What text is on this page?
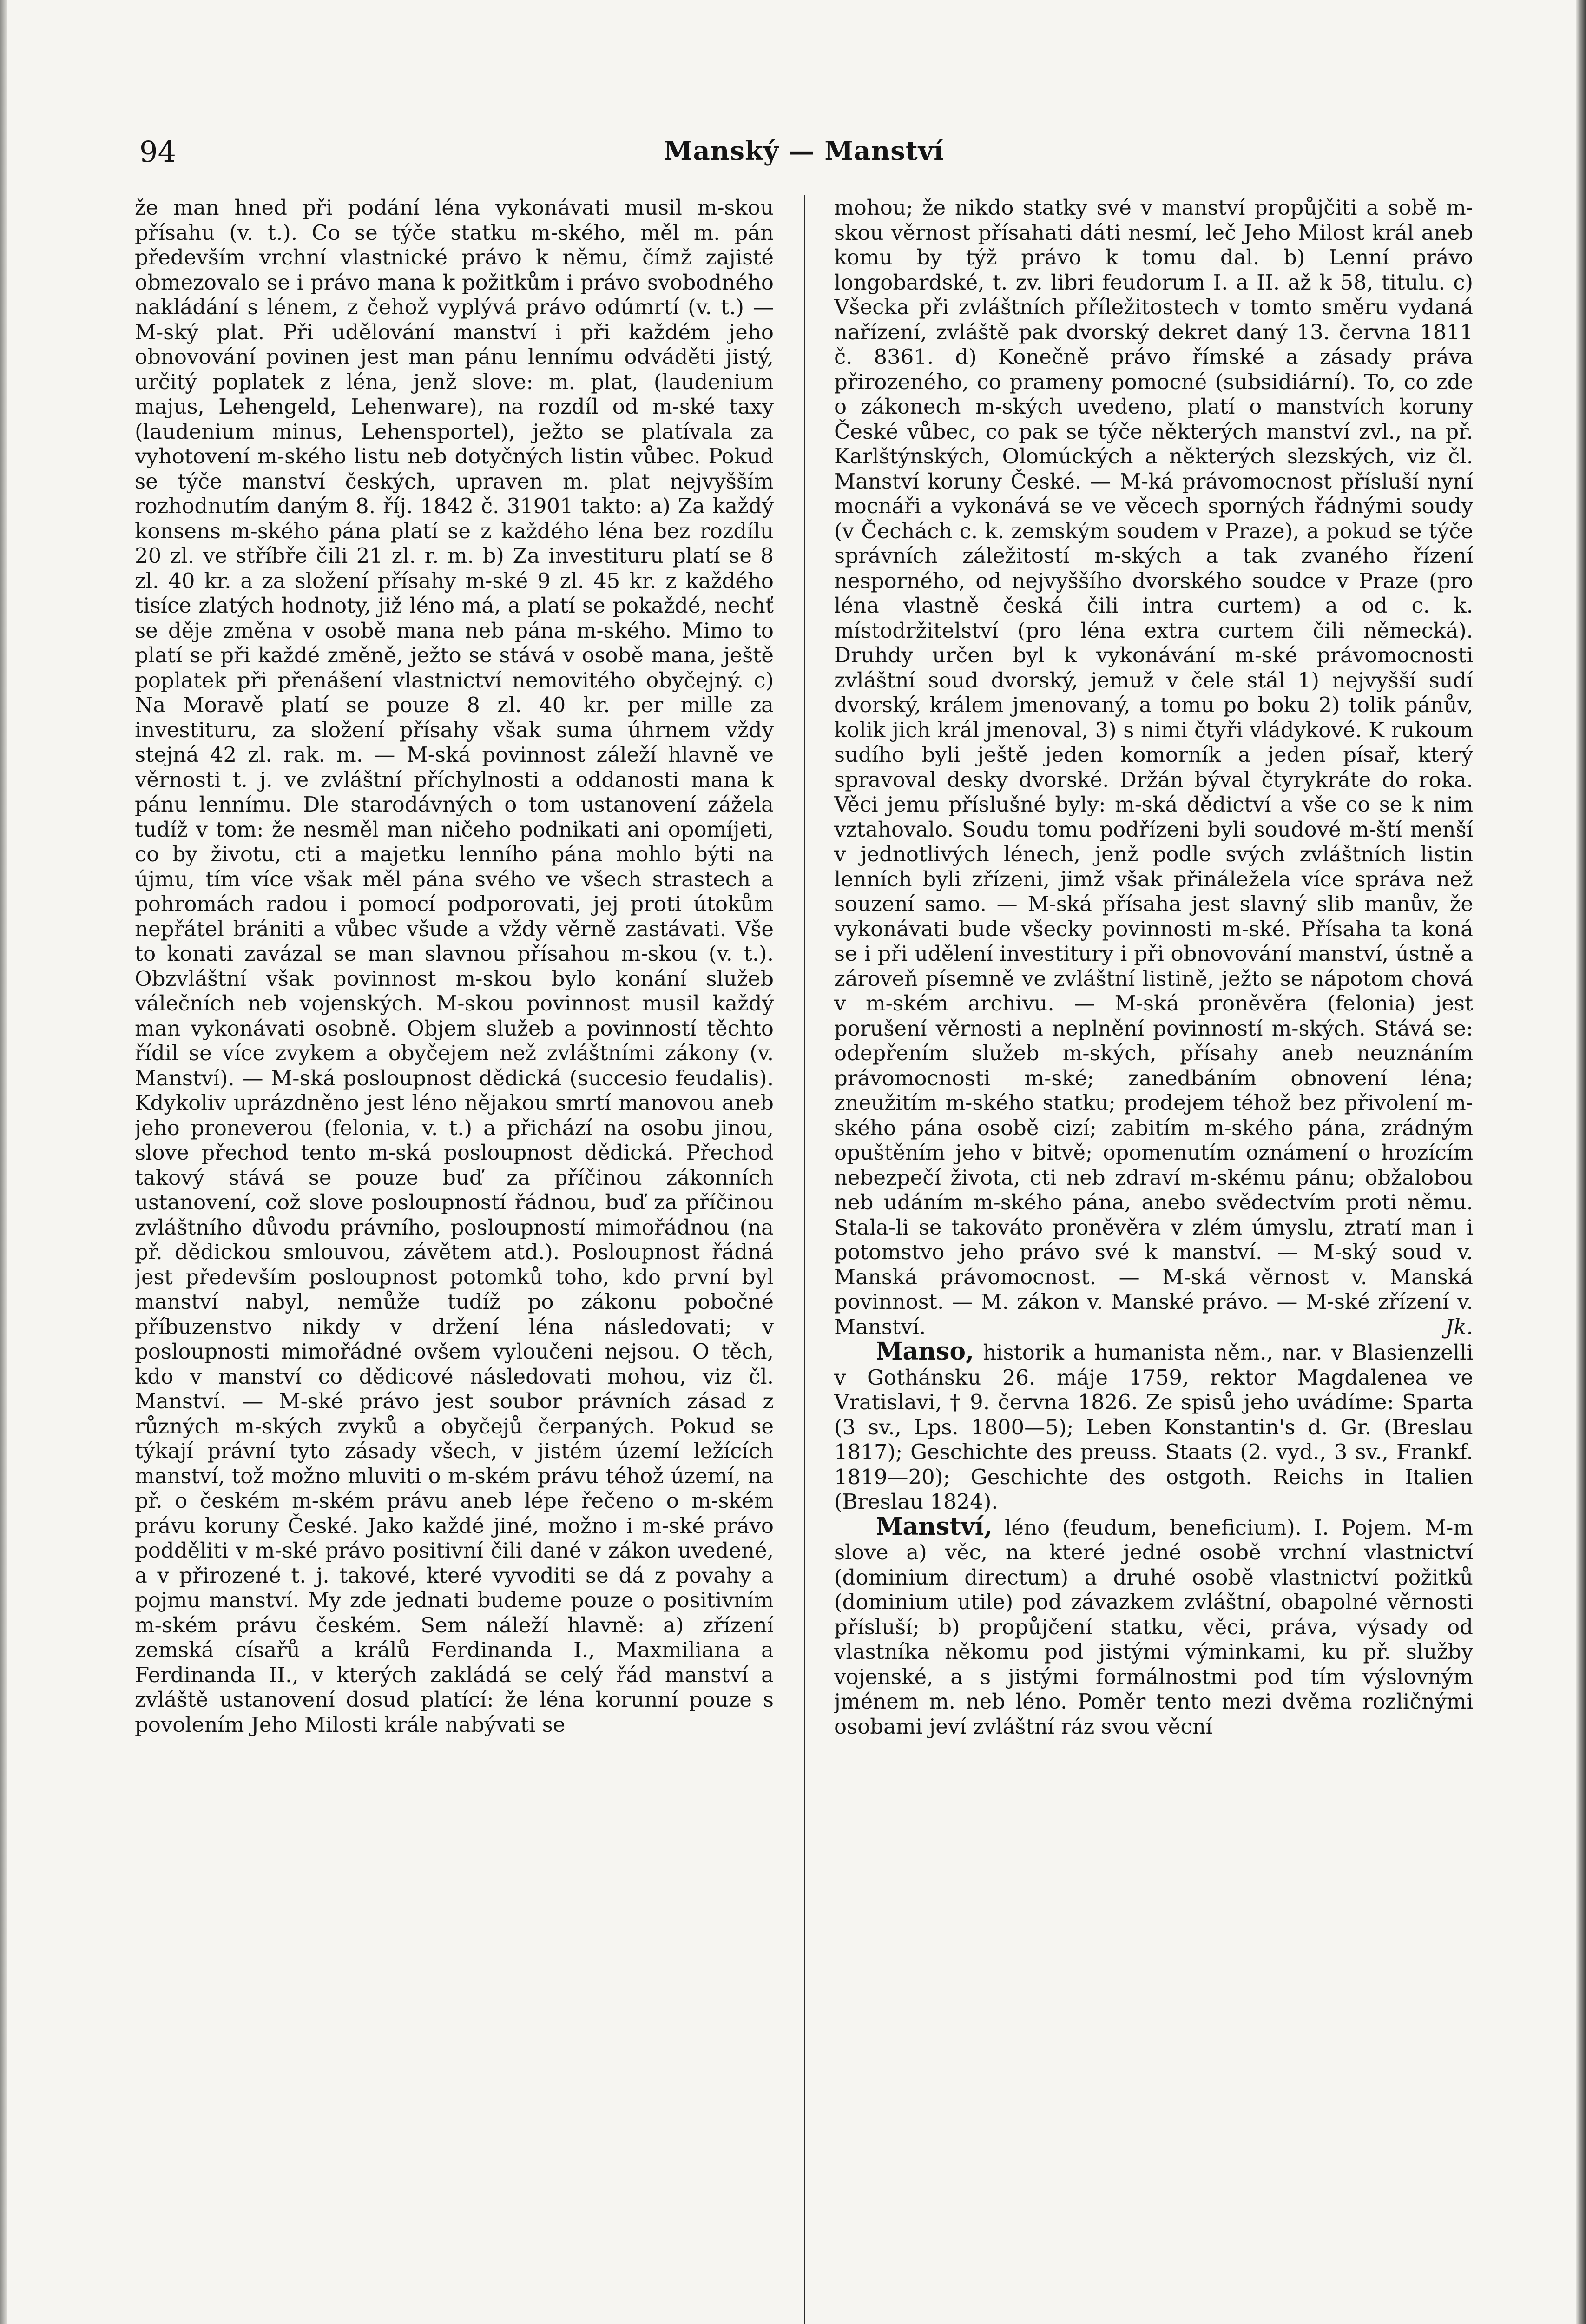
94	Manský — Manství

že man hned při podání léna vykonávati musil m-skou přísahu (v. t.). Co se týče statku m-ského, měl m. pán především vrchní vlastnické právo k němu, čímž zajisté obmezovalo se i právo mana k požitkům i právo svobodného nakládání s lénem, z čehož vyplývá právo odúmrtí (v. t.) — M-ský plat. Při udělování manství i při každém jeho obnovování povinen jest man pánu lennímu odváděti jistý, určitý poplatek z léna, jenž slove: m. plat, (laudenium majus, Lehengeld, Lehenware), na rozdíl od m-ské taxy (laudenium minus, Lehensportel), ježto se platívala za vyhotovení m-ského listu neb dotyčných listin vůbec. Pokud se týče manství českých, upraven m. plat nejvyšším rozhodnutím daným 8. říj. 1842 č. 31901 takto: a) Za každý konsens m-ského pána platí se z každého léna bez rozdílu 20 zl. ve stříbře čili 21 zl. r. m. b) Za investituru platí se 8 zl. 40 kr. a za složení přísahy m-ské 9 zl. 45 kr. z každého tisíce zlatých hodnoty, již léno má, a platí se pokaždé, nechť se děje změna v osobě mana neb pána m-ského. Mimo to platí se při každé změně, ježto se stává v osobě mana, ještě poplatek při přenášení vlastnictví nemovitého obyčejný. c) Na Moravě platí se pouze 8 zl. 40 kr. per mille za investituru, za složení přísahy však suma úhrnem vždy stejná 42 zl. rak. m. — M-ská povinnost záleží hlavně ve věrnosti t. j. ve zvláštní příchylnosti a oddanosti mana k pánu lennímu. Dle starodávných o tom ustanovení zážela tudíž v tom: že nesměl man ničeho podnikati ani opomíjeti, co by životu, cti a majetku lenního pána mohlo býti na újmu, tím více však měl pána svého ve všech strastech a pohromách radou i pomocí podporovati, jej proti útokům nepřátel brániti a vůbec všude a vždy věrně zastávati. Vše to konati zavázal se man slavnou přísahou m-skou (v. t.). Obzvláštní však povinnost m-skou bylo konání služeb válečních neb vojenských. M-skou povinnost musil každý man vykonávati osobně. Objem služeb a povinností těchto řídil se více zvykem a obyčejem než zvláštními zákony (v. Manství). — M-ská posloupnost dědická (succesio feudalis). Kdykoliv uprázdněno jest léno nějakou smrtí manovou aneb jeho proneverou (felonia, v. t.) a přichází na osobu jinou, slove přechod tento m-ská posloupnost dědická. Přechod takový stává se pouze buď za příčinou zákonních ustanovení, což slove posloupností řádnou, buď za příčinou zvláštního důvodu právního, posloupností mimořádnou (na př. dědickou smlouvou, závětem atd.). Posloupnost řádná jest především posloupnost potomků toho, kdo první byl manství nabyl, nemůže tudíž po zákonu pobočné příbuzenstvo nikdy v držení léna následovati; v posloupnosti mimořádné ovšem vyloučeni nejsou. O těch, kdo v manství co dědicové následovati mohou, viz čl. Manství. — M-ské právo jest soubor právních zásad z různých m-ských zvyků a obyčejů čerpaných. Pokud se týkají právní tyto zásady všech, v jistém území ležících manství, tož možno mluviti o m-ském právu téhož území, na př. o českém m-ském právu aneb lépe řečeno o m-ském právu koruny České. Jako každé jiné, možno i m-ské právo podděliti v m-ské právo positivní čili dané v zákon uvedené, a v přirozené t. j. takové, které vyvoditi se dá z povahy a pojmu manství. My zde jednati budeme pouze o positivním m-ském právu českém. Sem náleží hlavně: a) zřízení zemská císařů a králů Ferdinanda I., Maxmiliana a Ferdinanda II., v kterých zakládá se celý řád manství a zvláště ustanovení dosud platící: že léna korunní pouze s povolením Jeho Milosti krále nabývati se

mohou; že nikdo statky své v manství propůjčiti a sobě m-skou věrnost přísahati dáti nesmí, leč Jeho Milost král aneb komu by týž právo k tomu dal. b) Lenní právo longobardské, t. zv. libri feudorum I. a II. až k 58, titulu. c) Všecka při zvláštních příležitostech v tomto směru vydaná nařízení, zvláště pak dvorský dekret daný 13. června 1811 č. 8361. d) Konečně právo římské a zásady práva přirozeného, co prameny pomocné (subsidiární). To, co zde o zákonech m-ských uvedeno, platí o manstvích koruny České vůbec, co pak se týče některých manství zvl., na př. Karlštýnských, Olomúckých a některých slezských, viz čl. Manství koruny České. — M-ká právomocnost přísluší nyní mocnáři a vykonává se ve věcech sporných řádnými soudy (v Čechách c. k. zemským soudem v Praze), a pokud se týče správních záležitostí m-ských a tak zvaného řízení nesporného, od nejvyššího dvorského soudce v Praze (pro léna vlastně česká čili intra curtem) a od c. k. místodržitelství (pro léna extra curtem čili německá). Druhdy určen byl k vykonávání m-ské právomocnosti zvláštní soud dvorský, jemuž v čele stál 1) nejvyšší sudí dvorský, králem jmenovaný, a tomu po boku 2) tolik pánův, kolik jich král jmenoval, 3) s nimi čtyři vládykové. K rukoum sudího byli ještě jeden komorník a jeden písař, který spravoval desky dvorské. Držán býval čtyrykráte do roka. Věci jemu příslušné byly: m-ská dědictví a vše co se k nim vztahovalo. Soudu tomu podřízeni byli soudové m-ští menší v jednotlivých lénech, jenž podle svých zvláštních listin lenních byli zřízeni, jimž však přináležela více správa než souzení samo. — M-ská přísaha jest slavný slib manův, že vykonávati bude všecky povinnosti m-ské. Přísaha ta koná se i při udělení investitury i při obnovování manství, ústně a zároveň písemně ve zvláštní listině, ježto se nápotom chová v m-ském archivu. — M-ská proněvěra (felonia) jest porušení věrnosti a neplnění povinností m-ských. Stává se: odepřením služeb m-ských, přísahy aneb neuznáním právomocnosti m-ské; zanedbáním obnovení léna; zneužitím m-ského statku; prodejem téhož bez přivolení m-ského pána osobě cizí; zabitím m-ského pána, zrádným opuštěním jeho v bitvě; opomenutím oznámení o hrozícím nebezpečí života, cti neb zdraví m-skému pánu; obžalobou neb udáním m-ského pána, anebo svědectvím proti němu. Stala-li se takováto proněvěra v zlém úmyslu, ztratí man i potomstvo jeho právo své k manství. — M-ský soud v. Manská právomocnost. — M-ská věrnost v. Manská povinnost. — M. zákon v. Manské právo. — M-ské zřízení v. Manství.	Jk.

Manso, historik a humanista něm., nar. v Blasienzelli v Gothánsku 26. máje 1759, rektor Magdalenea ve Vratislavi, † 9. června 1826. Ze spisů jeho uvádíme: Sparta (3 sv., Lps. 1800—5); Leben Konstantin's d. Gr. (Breslau 1817); Geschichte des preuss. Staats (2. vyd., 3 sv., Frankf. 1819—20); Geschichte des ostgoth. Reichs in Italien (Breslau 1824).

Manství, léno (feudum, beneficium). I. Pojem. M-m slove a) věc, na které jedné osobě vrchní vlastnictví (dominium directum) a druhé osobě vlastnictví požitků (dominium utile) pod závazkem zvláštní, obapolné věrnosti přísluší; b) propůjčení statku, věci, práva, výsady od vlastníka někomu pod jistými výminkami, ku př. služby vojenské, a s jistými formálnostmi pod tím výslovným jménem m. neb léno. Poměr tento mezi dvěma rozličnými osobami jeví zvláštní ráz svou věcní
